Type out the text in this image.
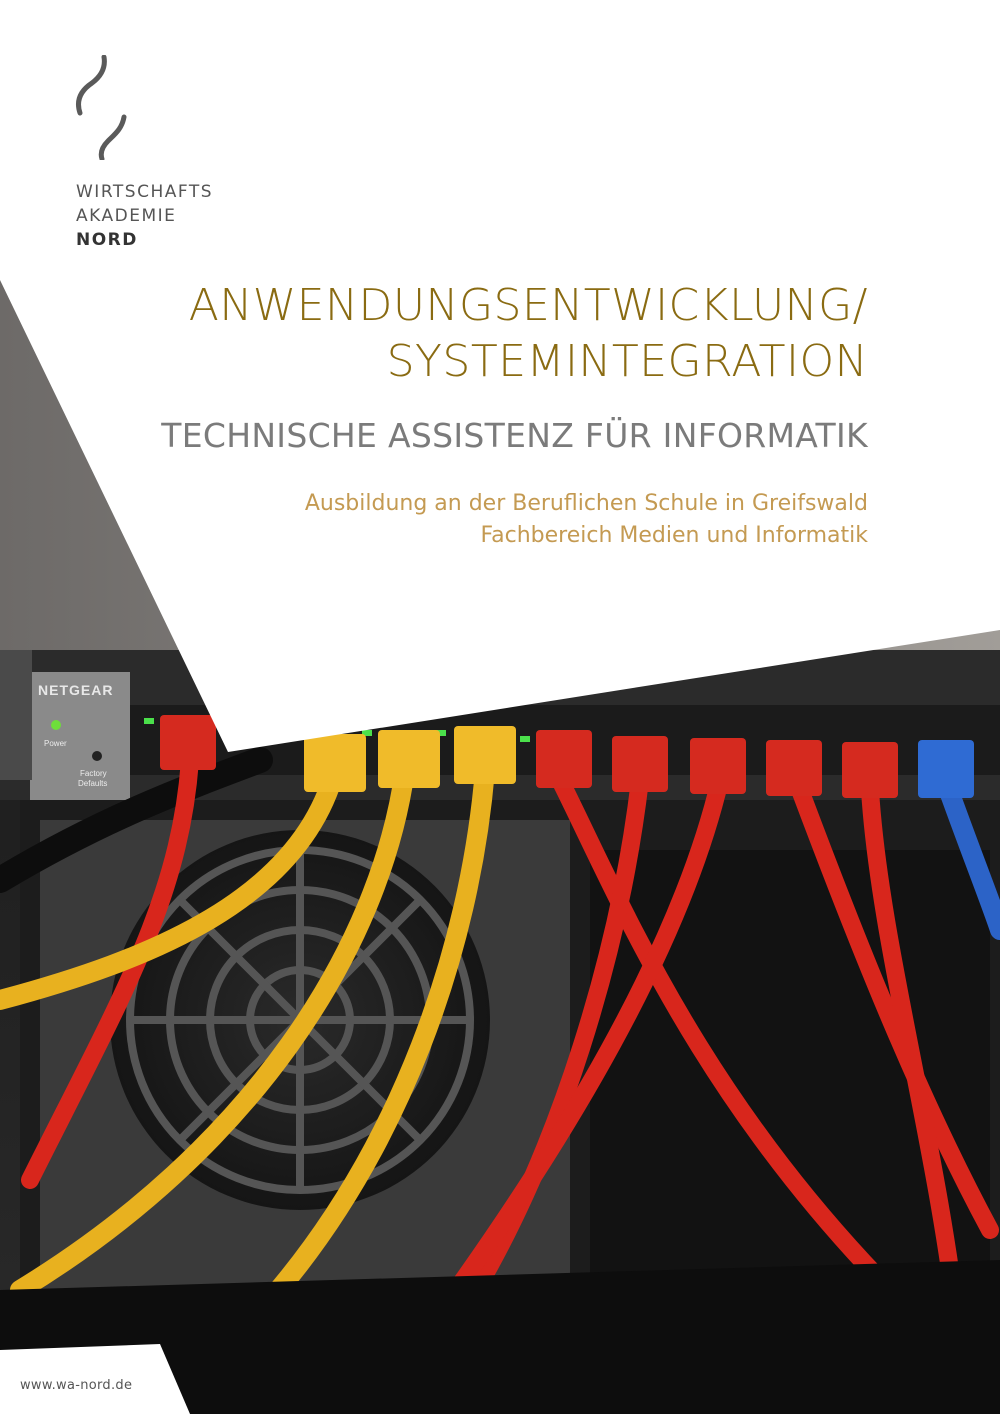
NETGEAR
Power
Factory
Defaults
WIRTSCHAFTS
AKADEMIE
NORD
ANWENDUNGSENTWICKLUNG/
SYSTEMINTEGRATION
TECHNISCHE ASSISTENZ FÜR INFORMATIK
Ausbildung an der Beruflichen Schule in Greifswald
Fachbereich Medien und Informatik
www.wa-nord.de
